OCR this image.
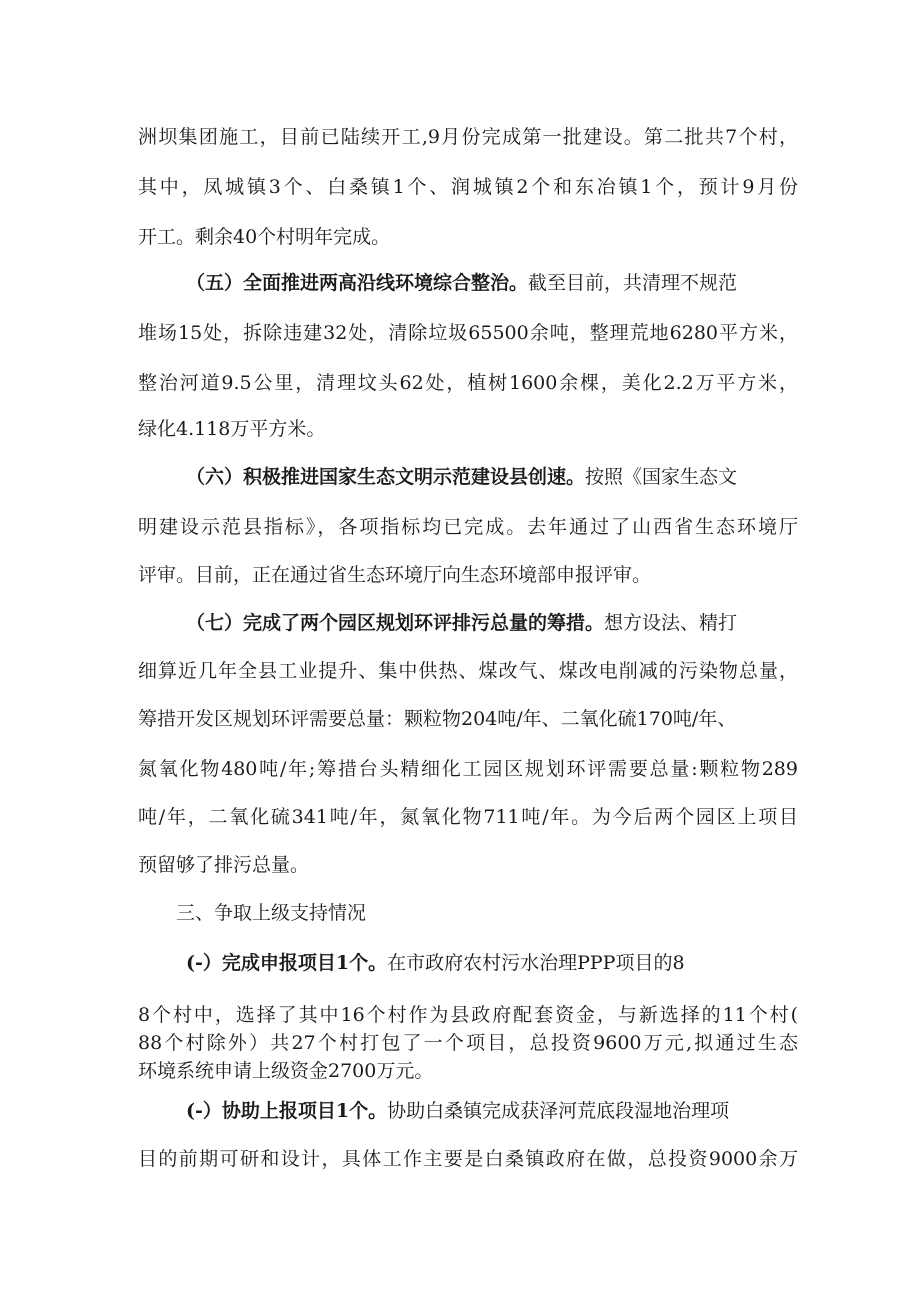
洲坝集团施工，目前已陆续开工,9月份完成第一批建设。第二批共7个村，
其中，凤城镇3个、白桑镇1个、润城镇2个和东冶镇1个，预计9月份
开工。剩余40个村明年完成。
（五）全面推进两高沿线环境综合整治。截至目前，共清理不规范
堆场15处，拆除违建32处，清除垃圾65500余吨，整理荒地6280平方米，
整治河道9.5公里，清理坟头62处，植树1600余棵，美化2.2万平方米，
绿化4.118万平方米。
（六）积极推进国家生态文明示范建设县创速。按照《国家生态文
明建设示范县指标》，各项指标均已完成。去年通过了山西省生态环境厅
评审。目前，正在通过省生态环境厅向生态环境部申报评审。
（七）完成了两个园区规划环评排污总量的筹措。想方设法、精打
细算近几年全县工业提升、集中供热、煤改气、煤改电削减的污染物总量，
筹措开发区规划环评需要总量：颗粒物204吨/年、二氧化硫170吨/年、
氮氧化物480吨/年;筹措台头精细化工园区规划环评需要总量:颗粒物289
吨/年，二氧化硫341吨/年，氮氧化物711吨/年。为今后两个园区上项目
预留够了排污总量。
三、争取上级支持情况
(-）完成申报项目1个。在市政府农村污水治理PPP项目的8
8个村中，选择了其中16个村作为县政府配套资金，与新选择的11个村(
88个村除外）共27个村打包了一个项目，总投资9600万元,拟通过生态
环境系统申请上级资金2700万元。
(-）协助上报项目1个。协助白桑镇完成获泽河荒底段湿地治理项
目的前期可研和设计，具体工作主要是白桑镇政府在做，总投资9000余万
